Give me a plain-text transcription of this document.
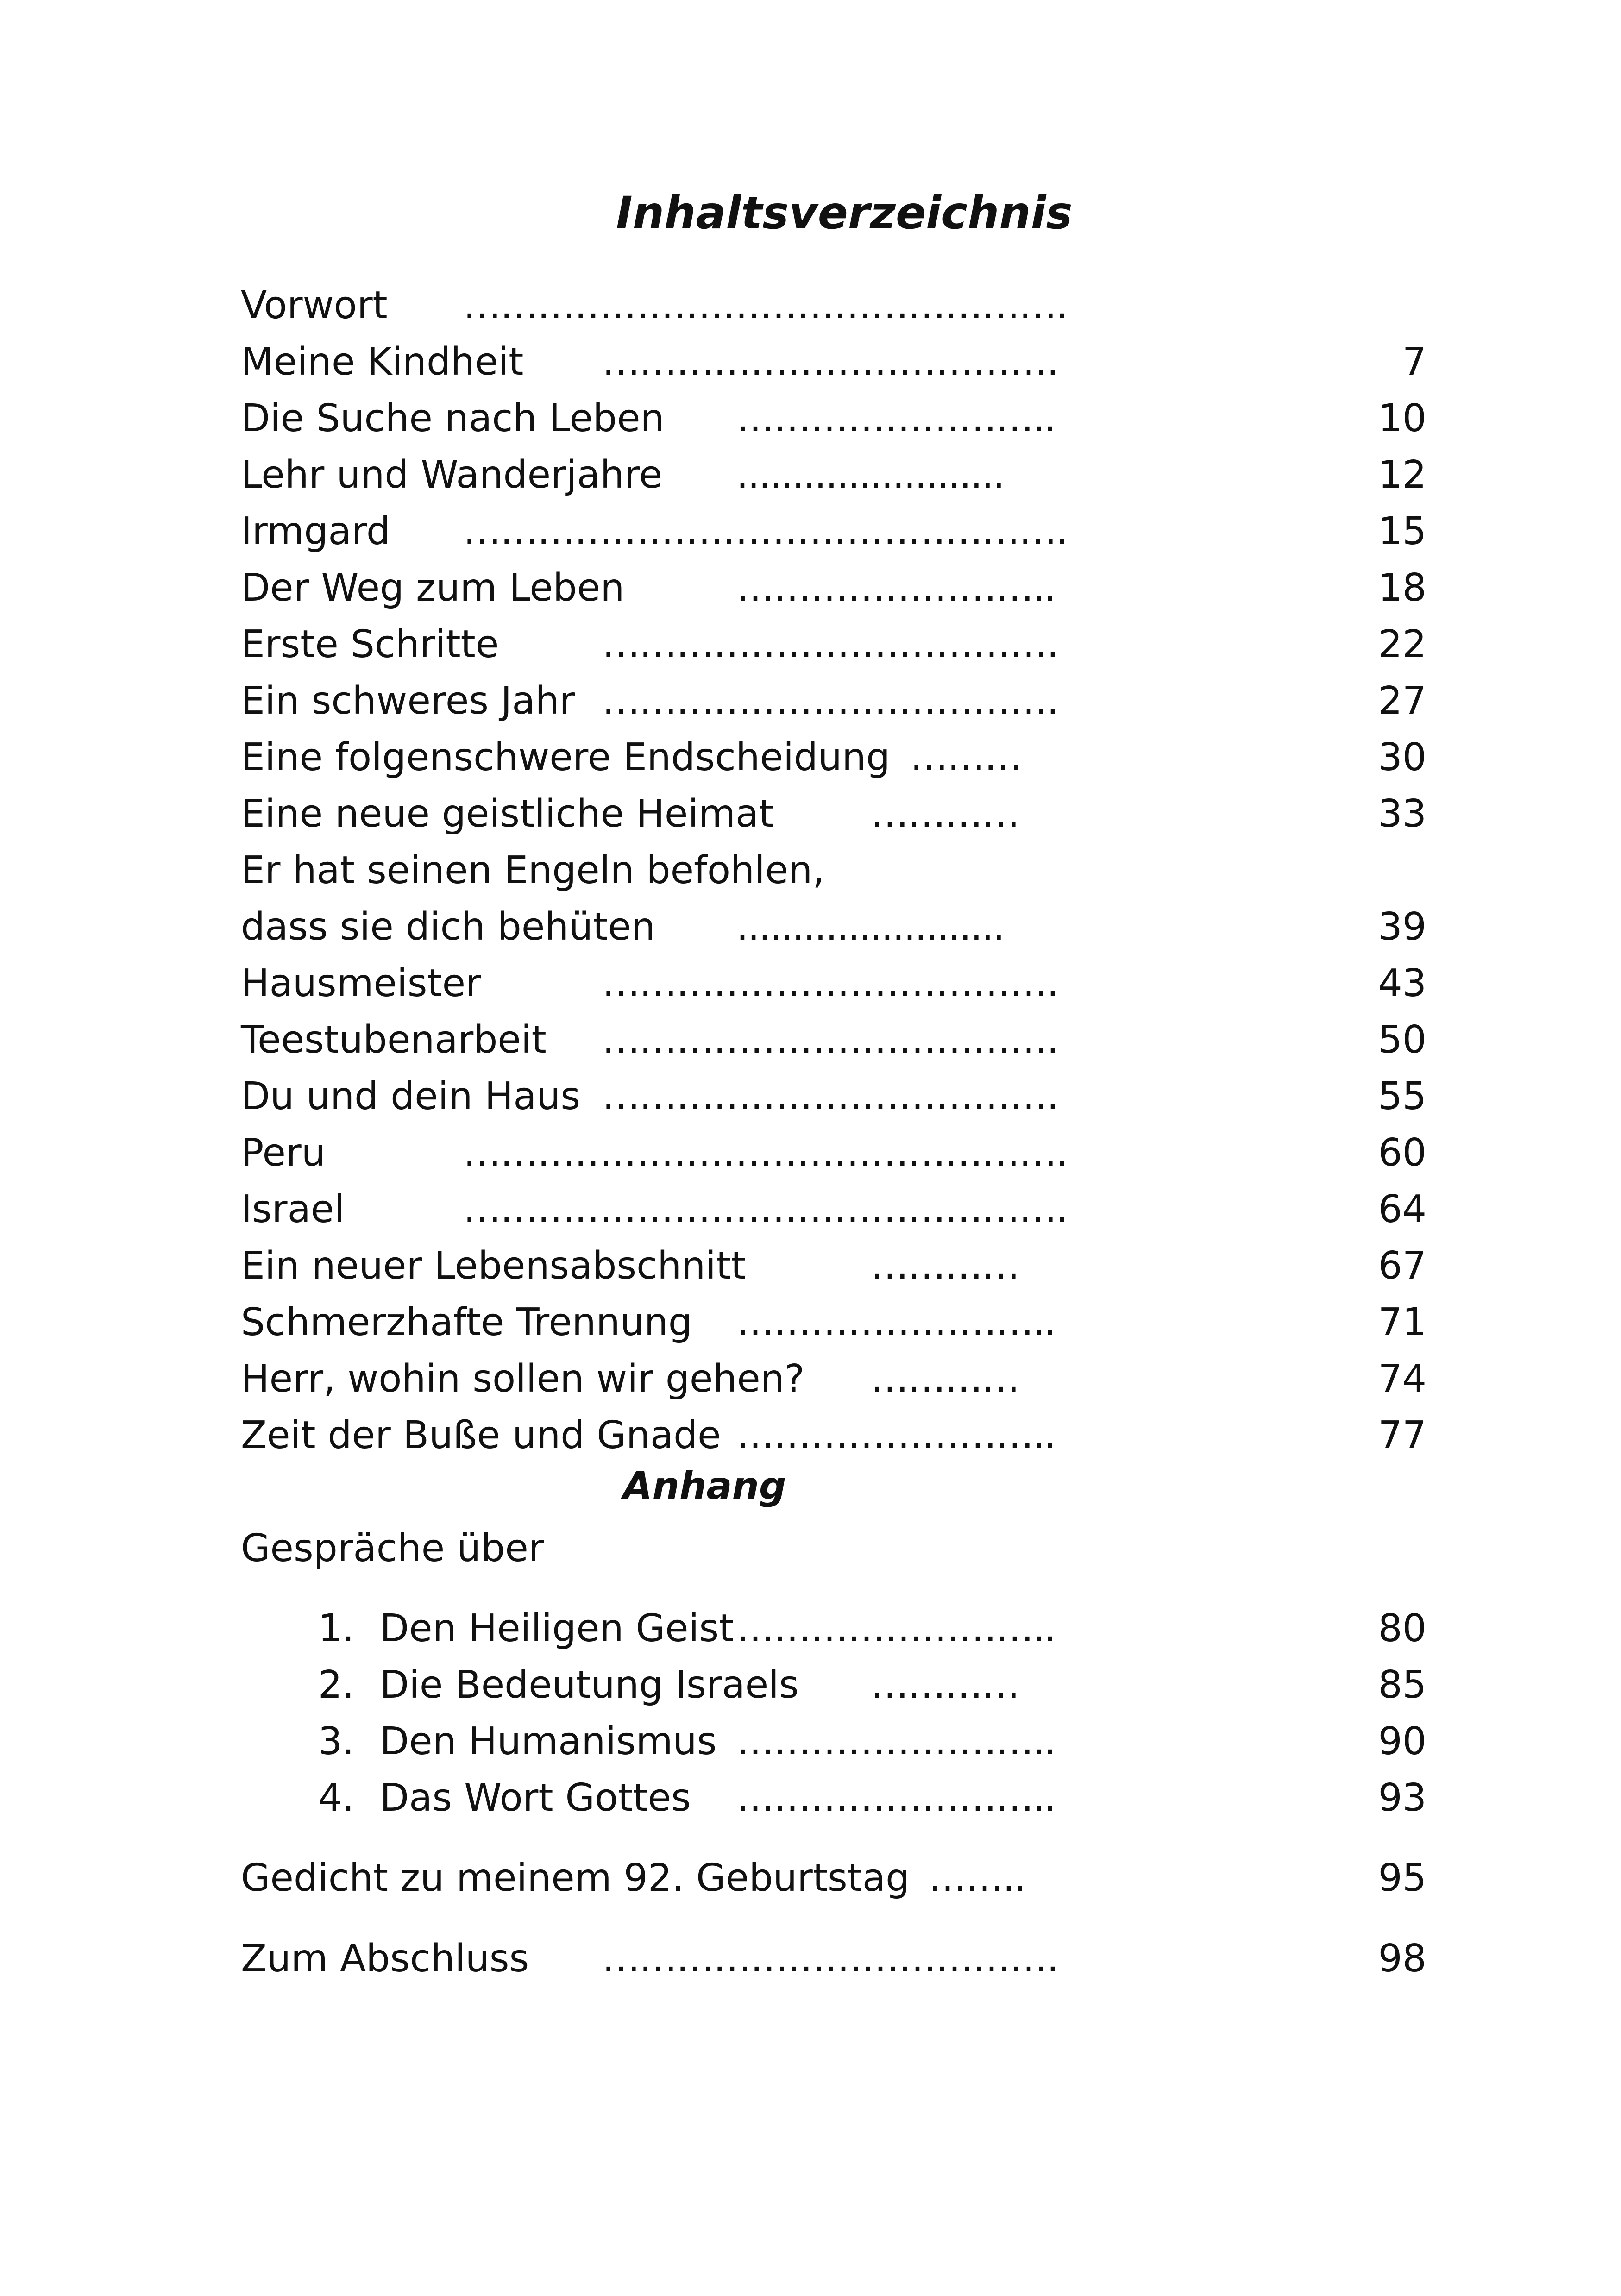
Inhaltsverzeichnis
Vorwort ………………………………………….
Meine Kindheit ……………………………….	7
Die Suche nach Leben ……………………..	10
Lehr und Wanderjahre ........................	12
Irmgard ………………………………………….	15
Der Weg zum Leben	……………………..	18
Erste Schritte	……………………………….	22
Ein schweres Jahr ……………………………….	27
Eine folgenschwere Endscheidung ………	30
Eine neue geistliche Heimat	…………	33
Er hat seinen Engeln befohlen,
dass sie dich behüten ........................	39
Hausmeister	……………………………….	43
Teestubenarbeit ……………………………….	50
Du und dein Haus ……………………………….	55
Peru	………………………………………….	60
Israel	………………………………………….	64
Ein neuer Lebensabschnitt	…………	67
Schmerzhafte Trennung ……………………..	71
Herr, wohin sollen wir gehen? …………	74
Zeit der Buße und Gnade ……………………..	77
Anhang
Gespräche über
1. Den Heiligen Geist ……………………..	80
2. Die Bedeutung Israels …………	85
3. Den Humanismus ……………………..	90
4. Das Wort Gottes ……………………..	93
Gedicht zu meinem 92. Geburtstag ……..	95
Zum Abschluss ……………………………….	98
